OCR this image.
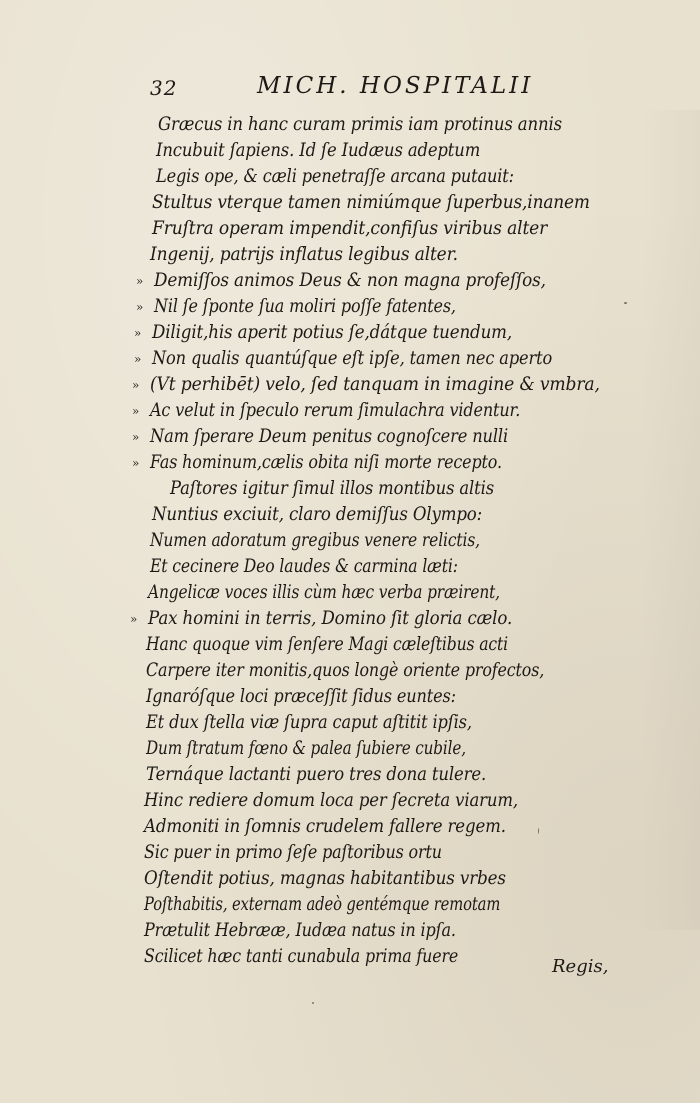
32	MICH. HOSPITALII
Græcus in hanc curam primis iam protinus annis
Incubuit ſapiens. Id ſe Iudæus adeptum
Legis ope, & cæli penetraſſe arcana putauit:
Stultus vterque tamen nimiúmque ſuperbus,inanem
Fruſtra operam impendit,confiſus viribus alter
Ingenij, patrijs inflatus legibus alter.
» Demiſſos animos Deus & non magna profeſſos,
» Nil ſe ſponte ſua moliri poſſe fatentes,
» Diligit,his aperit potius ſe,dátque tuendum,
» Non qualis quantúſque eſt ipſe, tamen nec aperto
» (Vt perhibēt) velo, ſed tanquam in imagine & vmbra,
» Ac velut in ſpeculo rerum ſimulachra videntur.
» Nam ſperare Deum penitus cognoſcere nulli
» Fas hominum,cælis obita niſi morte recepto.
Paſtores igitur ſimul illos montibus altis
Nuntius exciuit, claro demiſſus Olympo:
Numen adoratum gregibus venere relictis,
Et cecinere Deo laudes & carmina læti:
Angelicæ voces illis cùm hæc verba præirent,
» Pax homini in terris, Domino ſit gloria cælo.
Hanc quoque vim ſenſere Magi cæleſtibus acti
Carpere iter monitis,quos longè oriente profectos,
Ignaróſque loci præceſſit ſidus euntes:
Et dux ſtella viæ ſupra caput aſtitit ipſis,
Dum ſtratum fœno & palea ſubiere cubile,
Ternáque lactanti puero tres dona tulere.
Hinc rediere domum loca per ſecreta viarum,
Admoniti in ſomnis crudelem fallere regem.
Sic puer in primo ſeſe paſtoribus ortu
Oſtendit potius, magnas habitantibus vrbes
Poſthabitis, externam adeò gentémque remotam
Prætulit Hebrææ, Iudæa natus in ipſa.
Scilicet hæc tanti cunabula prima fuere	Regis,
